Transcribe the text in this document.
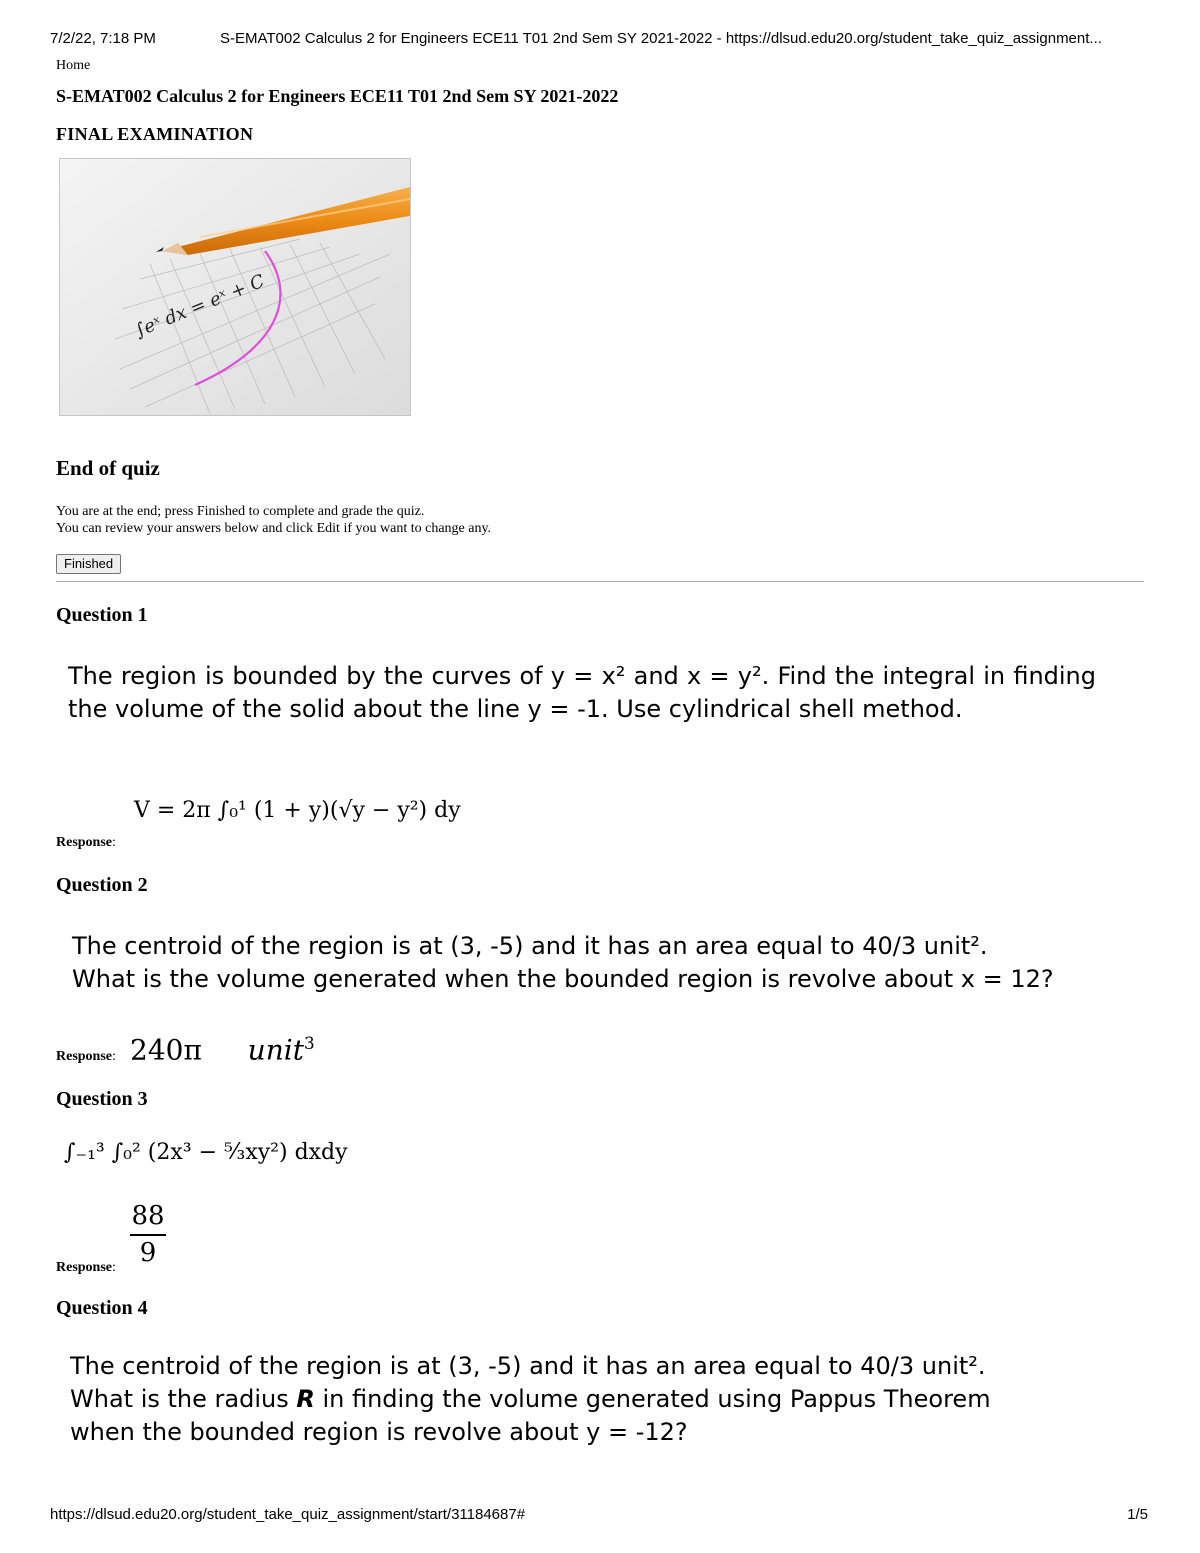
7/2/22, 7:18 PM	S-EMAT002 Calculus 2 for Engineers ECE11 T01 2nd Sem SY 2021-2022 - https://dlsud.edu20.org/student_take_quiz_assignment...
Home
S-EMAT002 Calculus 2 for Engineers ECE11 T01 2nd Sem SY 2021-2022
FINAL EXAMINATION
∫eˣ dx = eˣ + C
End of quiz
You are at the end; press Finished to complete and grade the quiz.
You can review your answers below and click Edit if you want to change any.
Finished
Question 1
The region is bounded by the curves of y = x² and x = y². Find the integral in finding the volume of the solid about the line y = -1. Use cylindrical shell method.
V = 2π ∫₀¹ (1 + y)(√y − y²) dy
Response:
Question 2
The centroid of the region is at (3, -5) and it has an area equal to 40/3 unit².
What is the volume generated when the bounded region is revolve about x = 12?
Response: 240π unit$^3$
Question 3
∫₋₁³ ∫₀² (2x³ − ⁵⁄₃xy²) dxdy
Response:
88
9
Question 4
The centroid of the region is at (3, -5) and it has an area equal to 40/3 unit².
What is the radius R in finding the volume generated using Pappus Theorem
when the bounded region is revolve about y = -12?
https://dlsud.edu20.org/student_take_quiz_assignment/start/31184687#	1/5
